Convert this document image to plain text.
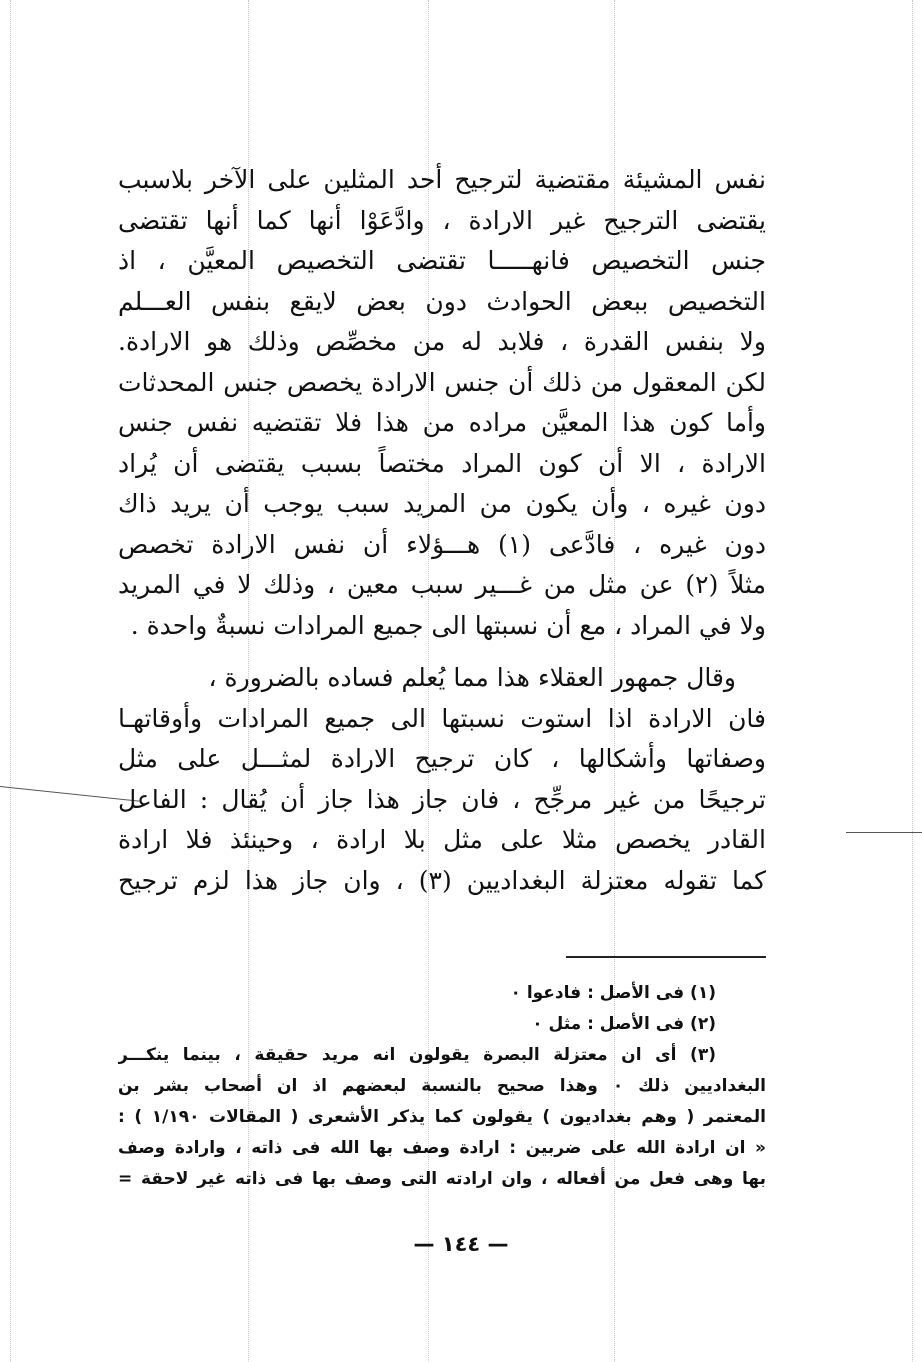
نفس المشيئة مقتضية لترجيح أحد المثلين على الآخر بلاسبب
يقتضى الترجيح غير الارادة ، وادَّعَوْا أنها كما أنها تقتضى
جنس التخصيص فانهـــــا تقتضى التخصيص المعيَّن ، اذ
التخصيص ببعض الحوادث دون بعض لايقع بنفس العـــلم
ولا بنفس القدرة ، فلابد له من مخصِّص وذلك هو الارادة.
لكن المعقول من ذلك أن جنس الارادة يخصص جنس المحدثات
وأما كون هذا المعيَّن مراده من هذا فلا تقتضيه نفس جنس
الارادة ، الا أن كون المراد مختصاً بسبب يقتضى أن يُراد
دون غيره ، وأن يكون من المريد سبب يوجب أن يريد ذاك
دون غيره ، فادَّعى (١) هـــؤلاء أن نفس الارادة تخصص
مثلاً (٢) عن مثل من غـــير سبب معين ، وذلك لا في المريد
ولا في المراد ، مع أن نسبتها الى جميع المرادات نسبةٌ واحدة .
وقال جمهور العقلاء هذا مما يُعلم فساده بالضرورة ،
فان الارادة اذا استوت نسبتها الى جميع المرادات وأوقاتهـا
وصفاتها وأشكالها ، كان ترجيح الارادة لمثـــل على مثل
ترجيحًا من غير مرجِّح ، فان جاز هذا جاز أن يُقال : الفاعل
القادر يخصص مثلا على مثل بلا ارادة ، وحينئذ فلا ارادة
كما تقوله معتزلة البغداديين (٣) ، وان جاز هذا لزم ترجيح
(١) فى الأصل : فادعوا ٠
(٢) فى الأصل : مثل ٠
(٣) أى ان معتزلة البصرة يقولون انه مريد حقيقة ، بينما ينكـــر
البغداديين ذلك ٠ وهذا صحيح بالنسبة لبعضهم اذ ان أصحاب بشر بن
المعتمر ( وهم بغداديون ) يقولون كما يذكر الأشعرى ( المقالات ١/١٩٠ ) :
« ان ارادة الله على ضربين : ارادة وصف بها الله فى ذاته ، وارادة وصف
بها وهى فعل من أفعاله ، وان ارادته التى وصف بها فى ذاته غير لاحقة =
— ١٤٤ —
